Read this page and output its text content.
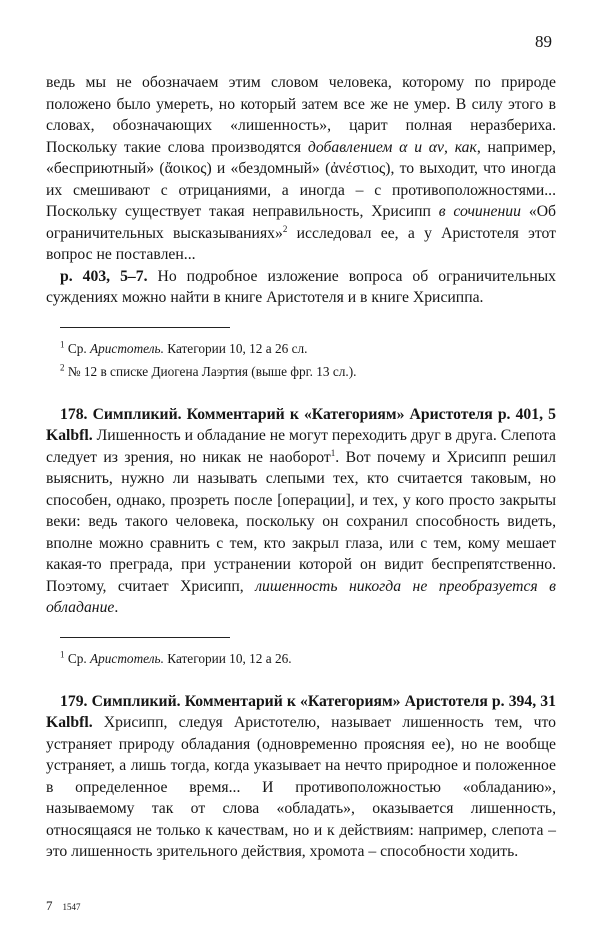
89

ведь мы не обозначаем этим словом человека, которому по природе положено было умереть, но который затем все же не умер. В силу этого в словах, обозначающих «лишенность», царит полная неразбериха. Поскольку такие слова производятся добавлением α и αν, как, например, «бесприютный» (ἄοικος) и «бездомный» (ἀνέστιος), то выходит, что иногда их смешивают с отрицаниями, а иногда – с противоположностями... Поскольку существует такая неправильность, Хрисипп в сочинении «Об ограничительных высказываниях»$^2$ исследовал ее, а у Аристотеля этот вопрос не поставлен...

р. 403, 5–7. Но подробное изложение вопроса об ограничительных суждениях можно найти в книге Аристотеля и в книге Хрисиппа.

$^1$ Ср. Аристотель. Категории 10, 12 а 26 сл.

$^2$ № 12 в списке Диогена Лаэртия (выше фрг. 13 сл.).

178. Симпликий. Комментарий к «Категориям» Аристотеля р. 401, 5 Kalbfl. Лишенность и обладание не могут переходить друг в друга. Слепота следует из зрения, но никак не наоборот$^1$. Вот почему и Хрисипп решил выяснить, нужно ли называть слепыми тех, кто считается таковым, но способен, однако, прозреть после [операции], и тех, у кого просто закрыты веки: ведь такого человека, поскольку он сохранил способность видеть, вполне можно сравнить с тем, кто закрыл глаза, или с тем, кому мешает какая-то преграда, при устранении которой он видит беспрепятственно. Поэтому, считает Хрисипп, лишенность никогда не преобразуется в обладание.

$^1$ Ср. Аристотель. Категории 10, 12 а 26.

179. Симпликий. Комментарий к «Категориям» Аристотеля р. 394, 31 Kalbfl. Хрисипп, следуя Аристотелю, называет лишенность тем, что устраняет природу обладания (одновременно проясняя ее), но не вообще устраняет, а лишь тогда, когда указывает на нечто природное и положенное в определенное время... И противоположностью «обладанию», называемому так от слова «обладать», оказывается лишенность, относящаяся не только к качествам, но и к действиям: например, слепота – это лишенность зрительного действия, хромота – способности ходить.

7 1547
